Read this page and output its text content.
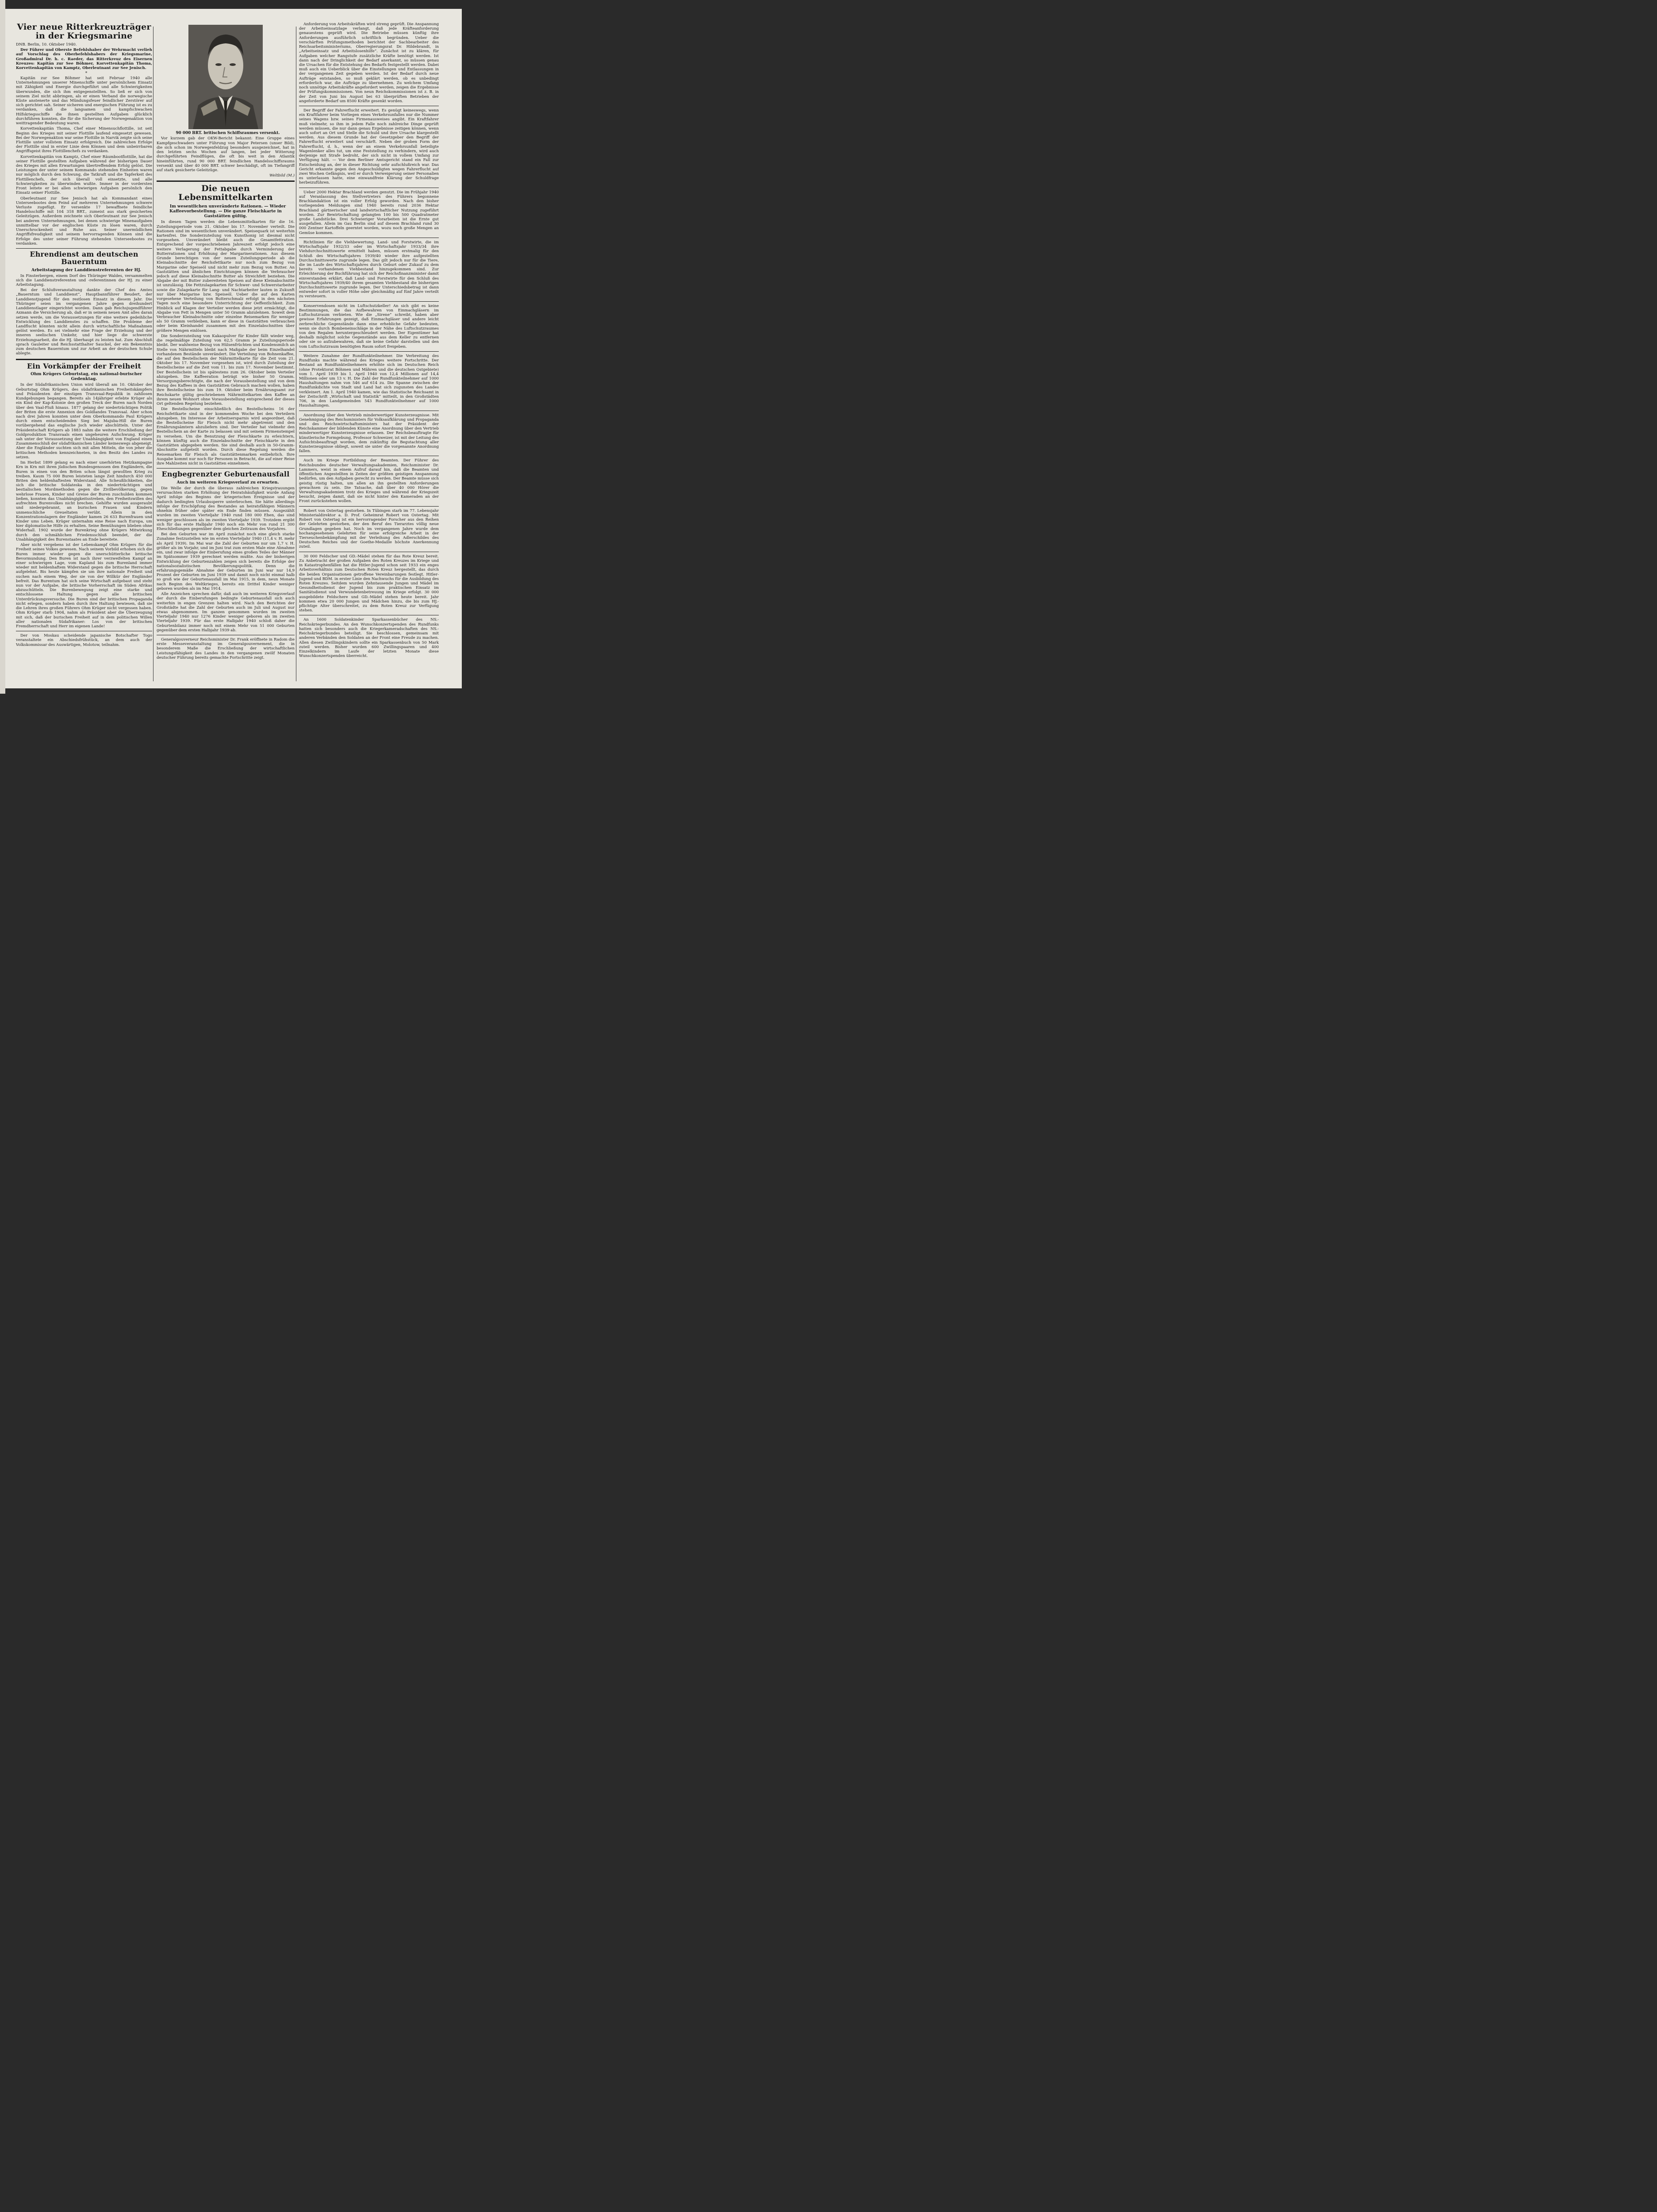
Vier neue Ritterkreuzträger in der Kriegsmarine

DNB. Berlin, 10. Oktober 1940.

Der Führer und Oberste Befehlshaber der Wehrmacht verlieh auf Vorschlag des Oberbefehlshabers der Kriegsmarine, Großadmiral Dr. h. c. Raeder, das Ritterkreuz des Eisernen Kreuzes: Kapitän zur See Böhmer, Korvettenkapitän Thoma, Korvettenkapitän von Kamptz, Oberleutnant zur See Jenisch.

*

Kapitän zur See Böhmer hat seit Februar 1940 alle Unternehmungen unserer Minenschiffe unter persönlichem Einsatz mit Zähigkeit und Energie durchgeführt und alle Schwierigkeiten überwunden, die sich ihm entgegenstellten. So ließ er sich von seinem Ziel nicht abbringen, als er einen Verband die norwegische Küste anstenerte und das Mündungsfeuer feindlicher Zerstörer auf sich gerichtet sah. Seiner sicheren und energischen Führung ist es zu verdanken, daß die langsamen und kampfschwachen Hilfskriegsschiffe die ihnen gestellten Aufgaben glücklich durchführen konnten, die für die Sicherung der Norwegenaktion von weittragender Bedeutung waren.

Korvettenkapitän Thoma, Chef einer Minensuchflottille, ist seit Beginn des Krieges mit seiner Flottille laufend eingesetzt gewesen. Bei der Norwegenaktion war seine Flottille in Narvik zeigte sich seine Flottille unter vollstem Einsatz erfolgreich. Die zahlreichen Erfolge der Flottille sind in erster Linie dem Können und dem unbeirrbaren Angriffsgeist ihres Flottillenchefs zu verdanken.

Korvettenkapitän von Kamptz, Chef einer Räumbootflottille, hat die seiner Flottille gestellten Aufgaben während der bisherigen Dauer des Krieges mit allen Erwartungen übertreffendem Erfolg gelöst. Die Leistungen der unter seinem Kommando stehenden Einheiten waren nur möglich durch den Schwung, die Tatkraft und die Tapferkeit des Flottillenchefs, der sich überall voll einsetzte, und alle Schwierigkeiten zu überwinden wußte. Immer in der vordersten Front leitete er bei allen schwierigen Aufgaben persönlich den Einsatz seiner Flottille.

Oberleutnant zur See Jenisch hat als Kommandant eines Unterseebootes dem Feind auf mehreren Unternehmungen schwere Verluste zugefügt. Er versenkte 17 bewaffnete feindliche Handelsschiffe mit 104 318 BRT., zumeist aus stark gesicherten Geleitzügen. Außerdem zeichnete sich Oberleutnant zur See Jenisch bei anderen Unternehmungen, bei denen schwierige Minenaufgaben unmittelbar vor der englischen Küste zu lösen waren, durch Unerschrockenheit und Ruhe aus. Seiner unermüdlichen Angriffsfreudigkeit und seinem hervorragenden Können sind die Erfolge des unter seiner Führung stehenden Unterseebootes zu verdanken.

Ehrendienst am deutschen Bauerntum

Arbeitstagung der Landdienstreferenten der HJ.

In Finsterbergen, einem Dorf des Thüringer Waldes, versammelten sich die Landdienstreferenten und -referentinnen der HJ. zu einer Arbeitstagung.

Bei der Schlußveranstaltung dankte der Chef des Amtes „Bauerntum und Landdienst“, Hauptbannführer Beudert, der Landdienstjugend für den restlosen Einsatz in diesem Jahr. Die Thüringer seien im vergangenen Jahre gegen dreihundert Landdienstlager eingerichtet worden. Dann gab Reichsjugendführer Axmann die Versicherung ab, daß er in seinem neuen Amt alles daran setzen werde, um die Voraussetzungen für eine weitere gedeihliche Entwicklung des Landdienstes zu schaffen. Die Probleme der Landflucht könnten nicht allein durch wirtschaftliche Maßnahmen gelöst werden. Es sei vielmehr eine Frage der Erziehung und der inneren seelischen Umkehr, und hier liege die schwerste Erziehungsarbeit, die die HJ. überhaupt zu leisten hat. Zum Abschluß sprach Gauleiter und Reichsstatthalter Sauckel, der ein Bekenntnis zum deutschen Bauerntum und zur Arbeit an der deutschen Schule ablegte.

Ein Vorkämpfer der Freiheit

Ohm Krügers Geburtstag, ein national-burischer Gedenktag.

In der Südafrikanischen Union wird überall am 10. Oktober der Geburtstag Ohm Krügers, des südafrikanischen Freiheitskämpfers und Präsidenten der einstigen Transvaal-Republik in zahllosen Kundgebungen begangen. Bereits als 14jähriger erlebte Krüger als ein Kind der Kap-Kolonie den großen Treck der Buren nach Norden über den Vaal-Fluß hinaus. 1877 gelang der niederträchtigen Politik der Briten die erste Annexion des Goldlandes Transvaal. Aber schon nach drei Jahren konnten unter dem Oberkommando Paul Krügers durch einen entscheidenden Sieg bei Majuba-Hill die Buren vorübergehend das englische Joch wieder abschütteln. Unter der Präsidentschaft Krügers ab 1883 nahm die weitere Erschließung der Goldproduktion Transvaals einen ungeheuren Aufschwung. Krüger sah unter der Voraussetzung der Unabhängigkeit von England einen Zusammenschluß der südafrikanischen Länder keineswegs abgeneigt. Aber die Engländer suchten sich mit allen Mitteln, die von jeher die britischen Methoden kennzeichneten, in den Besitz des Landes zu setzen.

Im Herbst 1899 gelang es nach einer unerhörten Hetzkampagne Krn in Krn mit ihren jüdischen Bundesgenossen den Engländern, die Buren in einen von den Briten schon längst gewollten Krieg zu treiben. Kaum 75 000 Buren leisteten lange Zeit hindurch 450 000 Briten den heldenhaftesten Widerstand. Alle Scheußlichkeiten, die sich die britische Soldateska in den niederträchtigen und bestialischen Mordmethoden gegen die Zivilbevölkerung, gegen wehrlose Frauen, Kinder und Greise der Buren zuschulden kommen ließen, konnten das Unabhängigkeitsstreben, den Freiheitswillen des aufrechten Burenvolkes nicht brechen. Gehöfte wurden ausgeraubt und niedergebrannt, an burischen Frauen und Kindern unmenschliche Greueltaten verübt. Allein in den Konzentrationslagern der Engländer kamen 26 633 Burenfrauen und Kinder ums Leben. Krüger unternahm eine Reise nach Europa, um hier diplomatische Hilfe zu erhalten. Seine Bemühungen blieben ohne Widerhall. 1902 wurde der Burenkrieg ohne Krügers Mitwirkung durch den schmählichen Friedensschluß beendet, der die Unabhängigkeit des Burenstaates an Ende bereitete.

Aber nicht vergebens ist der Lebenskampf Ohm Krügers für die Freiheit seines Volkes gewesen. Nach seinem Vorbild erhoben sich die Buren immer wieder gegen die unerschütterliche britische Bevormundung. Den Buren ist nach ihrer verzweifelten Kampf an einer schwierigen Lage, vom Kapland bis zum Burenland immer wieder mit heldenhaftem Widerstand gegen die britische Herrschaft aufgelehnt. Bis heute kämpfen sie um ihre nationale Freiheit und suchen nach einem Weg, der sie von der Willkür der Engländer befreit. Das Burentum hat sich seine Wirtschaft aufgebaut und steht nun vor der Aufgabe, die britische Vorherrschaft im Süden Afrikas abzuschütteln. Die Burenbewegung zeigt eine starke und entschlossene Haltung gegen alle britischen Unterdrückungsversuche. Die Buren sind der britischen Propaganda nicht erlegen, sondern haben durch ihre Haltung bewiesen, daß sie die Lehren ihres großen Führers Ohm Krüger nicht vergessen haben. Ohm Krüger starb 1904, nahm als Präsident aber die Überzeugung mit sich, daß der burischen Freiheit auf in dem politischen Willen aller nationalen Südafrikaner: Los von der britischen Fremdherrschaft und Herr im eigenen Lande!

Der von Moskau scheidende japanische Botschafter Togo veranstaltete ein Abschiedsfrühstück, an dem auch der Volkskommissar des Auswärtigen, Molotow, teilnahm.

90 000 BRT. britischen Schiffsraumes versenkt.

Vor kurzem gab der OKW-Bericht bekannt: Eine Gruppe eines Kampfgeschwaders unter Führung von Major Petersen (unser Bild), die sich schon im Norwegenfeldzug besonders ausgezeichnet, hat in den letzten sechs Wochen auf langen, bei jeder Witterung durchgeführten Feindflügen, die oft bis weit in den Atlantik hineinführten, rund 90 000 BRT. feindlichen Handelsschiffsraums versenkt und über 40 000 BRT. schwer beschädigt, oft im Tiefangriff auf stark gesicherte Geleitzüge.

Weltbild (M.)

Die neuen Lebensmittelkarten

Im wesentlichen unveränderte Rationen. — Wieder Kaffeevorbestellung. — Die ganze Fleischkarte in Gaststätten gültig.

In diesen Tagen werden die Lebensmittelkarten für die 16. Zuteilungsperiode vom 21. Oktober bis 17. November verteilt. Die Rationen sind im wesentlichen unverändert. Speisequark ist weiterhin kartenfrei. Die Sonderzuteilung von Kunsthonig ist diesmal nicht vorgesehen. Unverändert bleibt auch die Gesamtfettration. Entsprechend der vorgeschriebenen Jahreszeit erfolgt jedoch eine weitere Verlagerung der Fettabgabe durch Verminderung der Butterrationen und Erhöhung der Margarinerationen. Aus diesem Grunde berechtigen von der neuen Zuteilungsperiode ab die Kleinabschnitte der Reichsfettkarte nur noch zum Bezug von Margarine oder Speiseöl und nicht mehr zum Bezug von Butter. An Gaststätten und ähnlichen Einrichtungen können die Verbraucher jedoch auf diese Kleinabschnitte Butter als Streichfett beziehen. Die Abgabe der mit Butter zubereiteten Speisen auf diese Kleinabschnitte ist unzulässig. Die Fettzulagekarten für Schwer- und Schwerstarbeiter sowie die Zulagekarte für Lang- und Nachtarbeiter lauten in Zukunft nur über Margarine bzw. Speiseöl. Ueber die auf den Karten vorgesehene Verteilung von Butterschmalz erfolgt in den nächsten Tagen noch eine besondere Unterrichtung der Oeffentlichkeit. Zum Hinblick auf Klagen der Verteiler werden diese jetzt ermächtigt, die Abgabe von Fett in Mengen unter 50 Gramm abzulehnen. Soweit dem Verbraucher Kleinabschnitte oder einzelne Reisemarken für weniger als 50 Gramm verbleiben, kann er diese in Gaststätten verbrauchen oder beim Kleinhandel zusammen mit den Einzelabschnitten über größere Mengen einlösen.

Die Sonderzuteilung von Kakaopulver für Kinder fällt wieder weg, die regelmäßige Zuteilung von 62,5 Gramm je Zuteilungsperiode bleibt. Der wahlweise Bezug von Hülsenfrüchten und Kondensmilch an Stelle von Nährmitteln bleibt nach Maßgabe der beim Einzelhandel vorhandenen Bestände unverändert. Die Verteilung von Bohnenkaffee, die auf den Bestellschein der Nährmittelkarte für die Zeit vom 21. Oktober bis 17. November vorgesehen ist, wird durch Zuteilung der Bestellscheine auf die Zeit vom 11. bis zum 17. November bestimmt. Der Bestellschein ist bis spätestens zum 26. Oktober beim Verteiler abzugeben. Die Kaffeeration beträgt wie bisher 50 Gramm. Versorgungsberechtigte, die nach der Vorausbestellung und von dem Bezug des Kaffees in den Gaststätten Gebrauch machen wollen, haben ihre Bestellscheine bis zum 19. Oktober beim Ernährungsamt zur Reichskarte gültig geschriebenen Nährmittelkarten den Kaffee an ihrem neuen Wohnort ohne Vorausbestellung entsprechend der dieses Ort geltenden Regelung beziehen.

Die Bestellscheine einschließlich des Bestellscheins 16 der Reichsfettkarte sind in der kommenden Woche bei den Verteilern abzugeben. Im Interesse der Arbeitsersparnis wird angeordnet, daß die Bestellscheine für Fleisch nicht mehr abgetrennt und den Ernährungsämtern abzuliefern sind. Der Verteiler hat vielmehr den Bestellschein an der Karte zu belassen und mit seinem Firmenstempel zu versehen. Um die Benutzung der Fleischkarte zu erleichtern, können künftig auch die Einzelabschnitte der Fleischkarte in den Gaststätten abgegeben werden. Sie sind deshalb auch in 50-Gramm-Abschnitte aufgeteilt worden. Durch diese Regelung werden die Reisemarken für Fleisch als Gaststättenmarken entbehrlich. Ihre Ausgabe kommt nur noch für Personen in Betracht, die auf einer Reise ihre Mahlzeiten nicht in Gaststätten einnehmen.

Engbegrenzter Geburtenausfall

Auch im weiteren Kriegsverlauf zu erwarten.

Die Welle der durch die überaus zahlreichen Kriegstrauungen verursachten starken Erhöhung der Heiratshäufigkeit wurde Anfang April infolge des Beginns der kriegerischen Ereignisse und der dadurch bedingten Urlaubssperre unterbrochen. Sie hätte allerdings infolge der Erschöpfung des Bestandes an heiratsfähigen Männern ohnehin früher oder später ein Ende finden müssen. Ausgezählt wurden im zweiten Vierteljahr 1940 rund 180 000 Ehen, das sind weniger geschlossen als im zweiten Vierteljahr 1939. Trotzdem ergibt sich für das erste Halbjahr 1940 noch ein Mehr von rund 21 300 Eheschließungen gegenüber dem gleichen Zeitraum des Vorjahres.

Bei den Geburten war im April zunächst noch eine gleich starke Zunahme festzustellen wie im ersten Vierteljahr 1940 (11,4 v. H. mehr als April 1939). Im Mai war die Zahl der Geburten nur um 1,7 v. H. größer als im Vorjahr, und im Juni trat zum ersten Male eine Abnahme ein, und zwar infolge der Einberufung eines großen Teiles der Männer im Spätsommer 1939 gerechnet werden mußte. Aus der bisherigen Entwicklung der Geburtenzahlen zeigen sich bereits die Erfolge der nationalsozialistischen Bevölkerungspolitik. Denn die erfahrungsgemäße Abnahme der Geburten im Juni war nur 14,9 Prozent der Geburten im Juni 1939 und damit noch nicht einmal halb so groß wie der Geburtenausfall im Mai 1915, in dem, neun Monate nach Beginn des Weltkrieges, bereits ein Drittel Kinder weniger geboren wurden als im Mai 1914.

Alle Anzeichen sprechen dafür, daß auch im weiteren Kriegsverlauf der durch die Einberufungen bedingte Geburtenausfall sich auch weiterhin in engen Grenzen halten wird. Nach den Berichten der Großstädte hat die Zahl der Geburten auch im Juli und August nur etwas abgenommen. Im ganzen genommen wurden im zweiten Vierteljahr 1940 nur 1276 Kinder weniger geboren als im zweiten Vierteljahr 1939. Für das erste Halbjahr 1940 schloß daher die Geburtenbilanz immer noch mit einem Mehr von 51 000 Geburten gegenüber dem ersten Halbjahr 1939 ab.

Generalgouverneur Reichsminister Dr. Frank eröffnete in Radom die erste Messeveranstaltung im Generalgouvernement, die in besonderem Maße die Erschließung der wirtschaftlichen Leistungsfähigkeit des Landes in den vergangenen zwölf Monaten deutscher Führung bereits gemachte Fortschritte zeigt.

Anforderung von Arbeitskräften wird streng geprüft. Die Anspannung der Arbeitseinsatzlage verlangt, daß jede Kräfteanforderung genauestens geprüft wird. Die Betriebe müssen künftig ihre Anforderungen ausführlich schriftlich begründen. Ueber die verschärften Prüfungsmethoden berichtet der Sachbearbeiter des Reichsarbeitsministeriums, Oberregierungsrat Dr. Hildebrandt, in „Arbeitseinsatz und Arbeitslosenhilfe“. Zunächst ist zu klären, für Aufgaben welcher Rangstufe zusätzliche Kräfte benötigt werden. Ist dann nach der Dringlichkeit der Bedarf anerkannt, so müssen genau die Ursachen für die Entstehung des Bedarfs festgestellt werden. Dabei muß auch ein Ueberblick über die Einstellungen und Entlassungen in der vergangenen Zeit gegeben werden. Ist der Bedarf durch neue Aufträge entstanden, so muß geklärt werden, ob es unbedingt erforderlich war, die Aufträge zu übernehmen. Zu welchem Umfang noch unnötige Arbeitskräfte angefordert werden, zeigen die Ergebnisse der Prüfungskommissionen. Von neun Reichskommissionen ist z. B. in der Zeit von Juni bis August bei 63 überprüften Betrieben der angeforderte Bedarf um 8500 Kräfte gesenkt worden.

Der Begriff der Fahrerflucht erweitert. Es genügt keineswegs, wenn ein Kraftfahrer beim Vorliegen eines Verkehrsunfalles nur die Nummer seines Wagens bzw. seines Firmenausweises angibt. Ein Kraftfahrer muß vielmehr, so ihm in jedem Falle noch zahlreiche Dinge geprüft werden müssen, die nur dann genau Ergebnisse zeitigen können, wenn auch sofort an Ort und Stelle die Schuld und ihre Ursache klargestellt werden. Aus diesem Grunde hat der Gesetzgeber den Begriff der Fahrerflucht erweitert und verschärft. Neben der groben Form der Fahrerflucht, d. h., wenn der an einem Verkehrsunfall beteiligte Wagenlenker alles tut, um eine Feststellung zu verhindern, wird auch derjenige mit Strafe bedroht, der sich nicht in vollem Umfang zur Verfügung hält. — Vor dem Berliner Amtsgericht stand ein Fall zur Entscheidung an, der in dieser Richtung sehr aufschlußreich war. Das Gericht erkannte gegen den Angeschuldigten wegen Fahrerflucht auf zwei Wochen Gefängnis, weil er durch Verweigerung seiner Personalien es unterlassen hatte, eine einwandfreie Klärung der Schuldfrage herbeizuführen.

Ueber 2000 Hektar Brachland werden genutzt. Die im Frühjahr 1940 auf Veranlassung des Stellvertreters des Führers begonnene Brachlandaktion ist ein voller Erfolg geworden. Nach den bisher vorliegenden Meldungen sind 1940 bereits rund 2036 Hektar Brachland gärtnerischer und landwirtschaftlicher Nutzung zugeführt worden. Zur Bewirtschaftung gelangten 100 bis 500 Quadratmeter große Landstücke. Drei Schwieriger Vorarbeiten ist die Ernte gut ausgefallen. Allein im Gau Berlin sind auf diesem Brachland rund 30 000 Zentner Kartoffeln geerntet worden, wozu noch große Mengen an Gemüse kommen.

Richtlinien für die Viehbewertung. Land- und Forstwirte, die im Wirtschaftsjahr 1932/33 oder im Wirtschaftsjahr 1933/34 ihre Viehdurchschnittswerte ermittelt haben, müssen erstmalig für den Schluß des Wirtschaftsjahres 1939/40 wieder ihre aufgestellten Durchschnittswerte zugrunde legen. Das gilt jedoch nur für die Tiere, die im Laufe des Wirtschaftsjahres durch Geburt oder Zukauf zu dem bereits vorhandenen Viehbestand hinzugekommen sind. Zur Erleichterung der Buchführung hat sich der Reichsfinanzminister damit einverstanden erklärt, daß Land- und Forstwirte für den Schluß des Wirtschaftsjahres 1939/40 ihrem gesamten Viehbestand die bisherigen Durchschnittswerte zugrunde legen. Der Unterschiedsbetrag ist dann entweder sofort in voller Höhe oder gleichmäßig auf fünf Jahre verteilt zu versteuern.

Konservendosen nicht im Luftschutzkeller! An sich gibt es keine Bestimmungen, die das Aufbewahren von Einmachgläsern im Luftschutzraum verbieten. Wie die „Sirene“ schreibt, haben aber gewisse Erfahrungen gezeigt, daß Einmachgläser und andere leicht zerbrechliche Gegenstände dann eine erhebliche Gefahr bedeuten, wenn sie durch Bombeneinschläge in der Nähe des Luftschutzraumes von den Regalen heruntergeschleudert werden. Der Eigentümer hat deshalb möglichst solche Gegenstände aus dem Keller zu entfernen oder sie so aufzubewahren, daß sie keine Gefahr darstellen und den vom Luftschutzraum benötigten Raum sofort freigeben.

Weitere Zunahme der Rundfunkteilnehmer. Die Verbreitung des Rundfunks machte während des Krieges weitere Fortschritte. Der Bestand an Rundfunkteilnehmern erhöhte sich im Deutschen Reich (ohne Protektorat Böhmen und Mähren und die deutschen Ostgebiete) vom 1. April 1939 bis 1. April 1940 von 12,4 Millionen auf 14,4 Millionen oder um 13 v. H. Die Zahl der Rundfunkteilnehmer auf 1000 Haushaltungen nahm von 546 auf 614 zu. Die Spanne zwischen der Rundfunkdichte von Stadt und Land hat sich zugunsten des Landes verkleinert. Am 1. April 1940 kamen, wie das Statistische Reichsamt in der Zeitschrift „Wirtschaft und Statistik“ mitteilt, in den Großstädten 706, in den Landgemeinden 543 Rundfunkteilnehmer auf 1000 Haushaltungen.

Anordnung über den Vertrieb minderwertiger Kunsterzeugnisse. Mit Genehmigung des Reichsministers für Volksaufklärung und Propaganda und des Reichswirtschaftsministers hat der Präsident der Reichskammer der bildenden Künste eine Anordnung über den Vertrieb minderwertiger Kunsterzeugnisse erlassen. Der Reichsbeauftragte für künstlerische Formgebung, Professor Schweizer, ist mit der Leitung des Aufsichtsbeauftragt worden, dem zukünftig die Begutachtung aller Kunsterzeugnisse obliegt, soweit sie unter die vorgenannte Anordnung fallen.

Auch im Kriege Fortbildung der Beamten. Der Führer des Reichsbundes deutscher Verwaltungsakademien, Reichsminister Dr. Lammers, weist in einem Aufruf darauf hin, daß die Beamten und öffentlichen Angestellten in Zeiten der größten geistigen Anspannung bedürfen, um den Aufgaben gerecht zu werden. Der Beamte müsse sich geistig rüstig halten, um allen an ihn gestellten Anforderungen gewachsen zu sein. Die Tatsache, daß über 40 000 Hörer die Verwaltungsakademien trotz des Krieges und während der Kriegszeit besucht, zeigen damit, daß sie nicht hinter den Kameraden an der Front zurückstehen wollen.

Robert von Ostertag gestorben. In Tübingen starb im 77. Lebensjahr Ministerialdirektor a. D. Prof. Geheimrat Robert von Ostertag. Mit Robert von Ostertag ist ein hervorragender Forscher aus den Reihen der Gelehrten gestorben, der den Beruf des Tierarztes völlig neue Grundlagen gegeben hat. Noch im vergangenen Jahre wurde dem hochangesehenen Gelehrten für seine erfolgreiche Arbeit in der Tierseuchenbekämpfung mit der Verleihung des Adlerschildes des Deutschen Reiches und der Goethe-Medaille höchste Anerkennung zuteil.

30 000 Feldscher und GD.-Mädel stehen für das Rote Kreuz bereit. Zu Anbetracht der großen Aufgaben des Roten Kreuzes im Kriege und in Katastrophenfällen hat die Hitler-Jugend schon seit 1933 ein enges Arbeitsverhältnis zum Deutschen Roten Kreuz hergestellt, das durch die beiden Organisationen getroffene Vereinbarungen festlegt. Hitler-Jugend und BDM. in erster Linie den Nachwuchs für die Ausbildung des Roten Kreuzes. Seitdem wurden Zehntausende Jungen und Mädel im Gesundheitsdienst der Jugend bis zum praktischen Einsatz im Sanitätsdienst und Verwundetenbetreuung im Kriege erfolgt. 30 000 ausgebildete Feldschere und GD.-Mädel stehen heute bereit. Jahr kommen etwa 20 000 Jungen und Mädchen hinzu, die bis zum HJ.-pflichtige Alter überschreitet, zu dem Roten Kreuz zur Verfügung stehen.

An 1600 Soldatenkinder Sparkassenbücher des NS.-Reichskriegerbundes. An den Wunschkonzertspenden des Rundfunks hatten sich besonders auch die Kriegerkameradschaften des NS.-Reichskriegerbundes beteiligt. Sie beschlossen, gemeinsam mit anderen Verbänden den Soldaten an der Front eine Freude zu machen. Allen diesen Zwillingskindern sollte ein Sparkassenbuch von 50 Mark zuteil werden. Bisher wurden 600 Zwillingspaaren und 400 Einzelkindern im Laufe der letzten Monate diese Wunschkonzertspenden überreicht.
